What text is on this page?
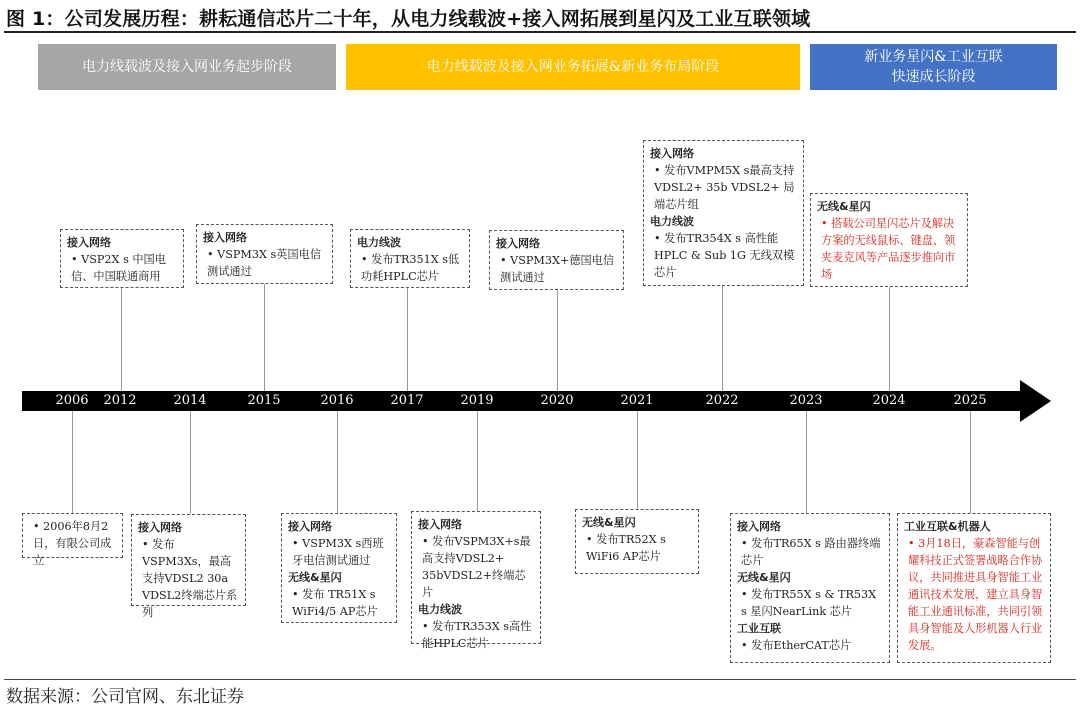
图 1：公司发展历程：耕耘通信芯片二十年，从电力线载波+接入网拓展到星闪及工业互联领域
电力线载波及接入网业务起步阶段	电力线载波及接入网业务拓展&新业务布局阶段
新业务星闪&工业互联
快速成长阶段
2006 2012	2014	2015	2016	2017	2019	2020	2021	2022	2023	2024	2025
接入网络
• VSP2X s 中国电信、中国联通商用
接入网络
• VSPM3X s英国电信测试通过
电力线波
• 发布TR351X s低功耗HPLC芯片
接入网络
• VSPM3X+德国电信测试通过
接入网络
• 发布VMPM5X s最高支持VDSL2+ 35b VDSL2+ 局端芯片组
电力线波
• 发布TR354X s 高性能HPLC & Sub 1G 无线双模芯片
无线&星闪
• 搭载公司星闪芯片及解决方案的无线鼠标、键盘、领夹麦克风等产品逐步推向市场
• 2006年8月2日，有限公司成立
接入网络
• 发布VSPM3Xs，最高支持VDSL2 30a VDSL2终端芯片系列
接入网络
• VSPM3X s西班牙电信测试通过
无线&星闪
• 发布 TR51X s WiFi4/5 AP芯片
接入网络
• 发布VSPM3X+s最高支持VDSL2+ 35bVDSL2+终端芯片
电力线波
• 发布TR353X s高性能HPLC芯片
无线&星闪
• 发布TR52X s WiFi6 AP芯片
接入网络
• 发布TR65X s 路由器终端芯片
无线&星闪
• 发布TR55X s & TR53X s 星闪NearLink 芯片
工业互联
• 发布EtherCAT芯片
工业互联&机器人
• 3月18日，豪森智能与创耀科技正式签署战略合作协议，共同推进具身智能工业通讯技术发展，建立具身智能工业通讯标准，共同引领具身智能及人形机器人行业发展。
数据来源：公司官网、东北证券
